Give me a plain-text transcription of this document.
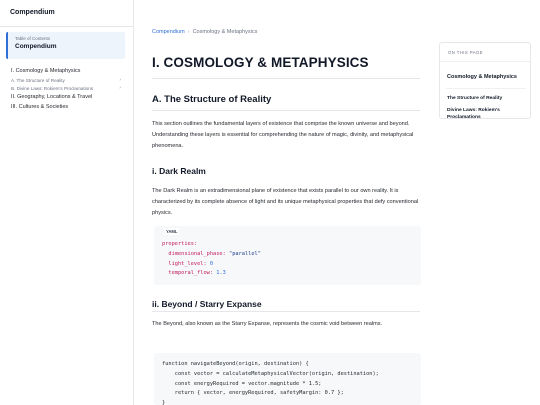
Compendium
Table of Contents
Compendium
I. Cosmology & Metaphysics
A. The Structure of Reality	›
B. Divine Laws: Rokiem's Proclamations	›
II. Geography, Locations & Travel
III. Cultures & Societies
Compendium › Cosmology & Metaphysics
I. COSMOLOGY & METAPHYSICS
A. The Structure of Reality

This section outlines the fundamental layers of existence that comprise the known universe and beyond. Understanding these layers is essential for comprehending the nature of magic, divinity, and metaphysical phenomena.

i. Dark Realm

The Dark Realm is an extradimensional plane of existence that exists parallel to our own reality. It is characterized by its complete absence of light and its unique metaphysical properties that defy conventional physics.

YAML
properties:
dimensional_phase: "parallel"
light_level: 0
temporal_flow: 1.3
ii. Beyond / Starry Expanse

The Beyond, also known as the Starry Expanse, represents the cosmic void between realms.

function navigateBeyond(origin, destination) {
const vector = calculateMetaphysicalVector(origin, destination);
const energyRequired = vector.magnitude * 1.5;
return { vector, energyRequired, safetyMargin: 0.7 };
}
ON THIS PAGE
Cosmology & Metaphysics
The Structure of Reality
Divine Laws: Rokiem's Proclamations
